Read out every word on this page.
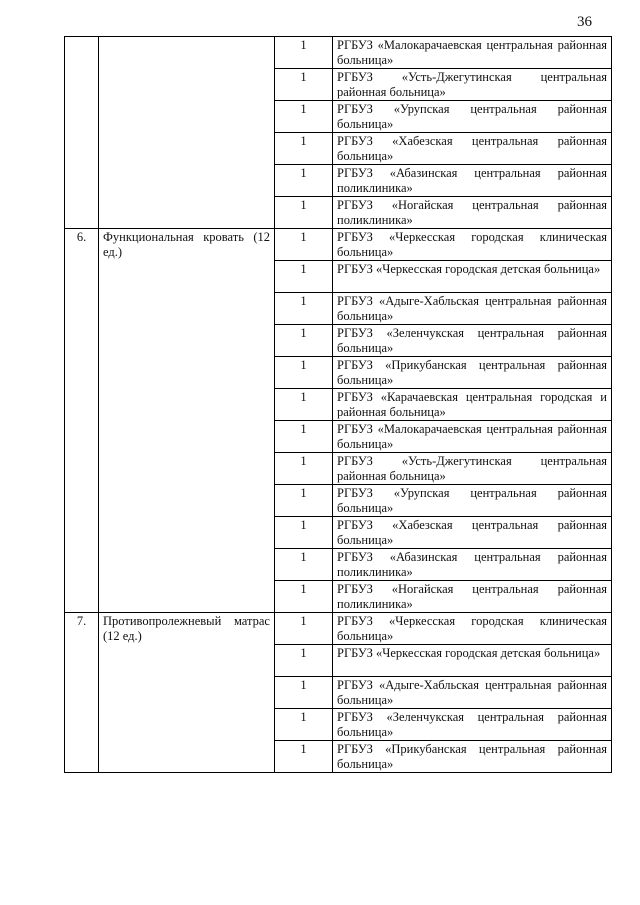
36
		1	РГБУЗ «Малокарачаевская центральная районная больница»
		1	РГБУЗ «Усть-Джегутинская центральная районная больница»
		1	РГБУЗ «Урупская центральная районная больница»
		1	РГБУЗ «Хабезская центральная районная больница»
		1	РГБУЗ «Абазинская центральная районная поликлиника»
		1	РГБУЗ «Ногайская центральная районная поликлиника»
6.	Функциональная кровать (12 ед.)	1	РГБУЗ «Черкесская городская клиническая больница»
		1	РГБУЗ «Черкесская городская детская больница»
		1	РГБУЗ «Адыге-Хабльская центральная районная больница»
		1	РГБУЗ «Зеленчукская центральная районная больница»
		1	РГБУЗ «Прикубанская центральная районная больница»
		1	РГБУЗ «Карачаевская центральная городская и районная больница»
		1	РГБУЗ «Малокарачаевская центральная районная больница»
		1	РГБУЗ «Усть-Джегутинская центральная районная больница»
		1	РГБУЗ «Урупская центральная районная больница»
		1	РГБУЗ «Хабезская центральная районная больница»
		1	РГБУЗ «Абазинская центральная районная поликлиника»
		1	РГБУЗ «Ногайская центральная районная поликлиника»
7.	Противопролежневый матрас (12 ед.)	1	РГБУЗ «Черкесская городская клиническая больница»
		1	РГБУЗ «Черкесская городская детская больница»
		1	РГБУЗ «Адыге-Хабльская центральная районная больница»
		1	РГБУЗ «Зеленчукская центральная районная больница»
		1	РГБУЗ «Прикубанская центральная районная больница»
